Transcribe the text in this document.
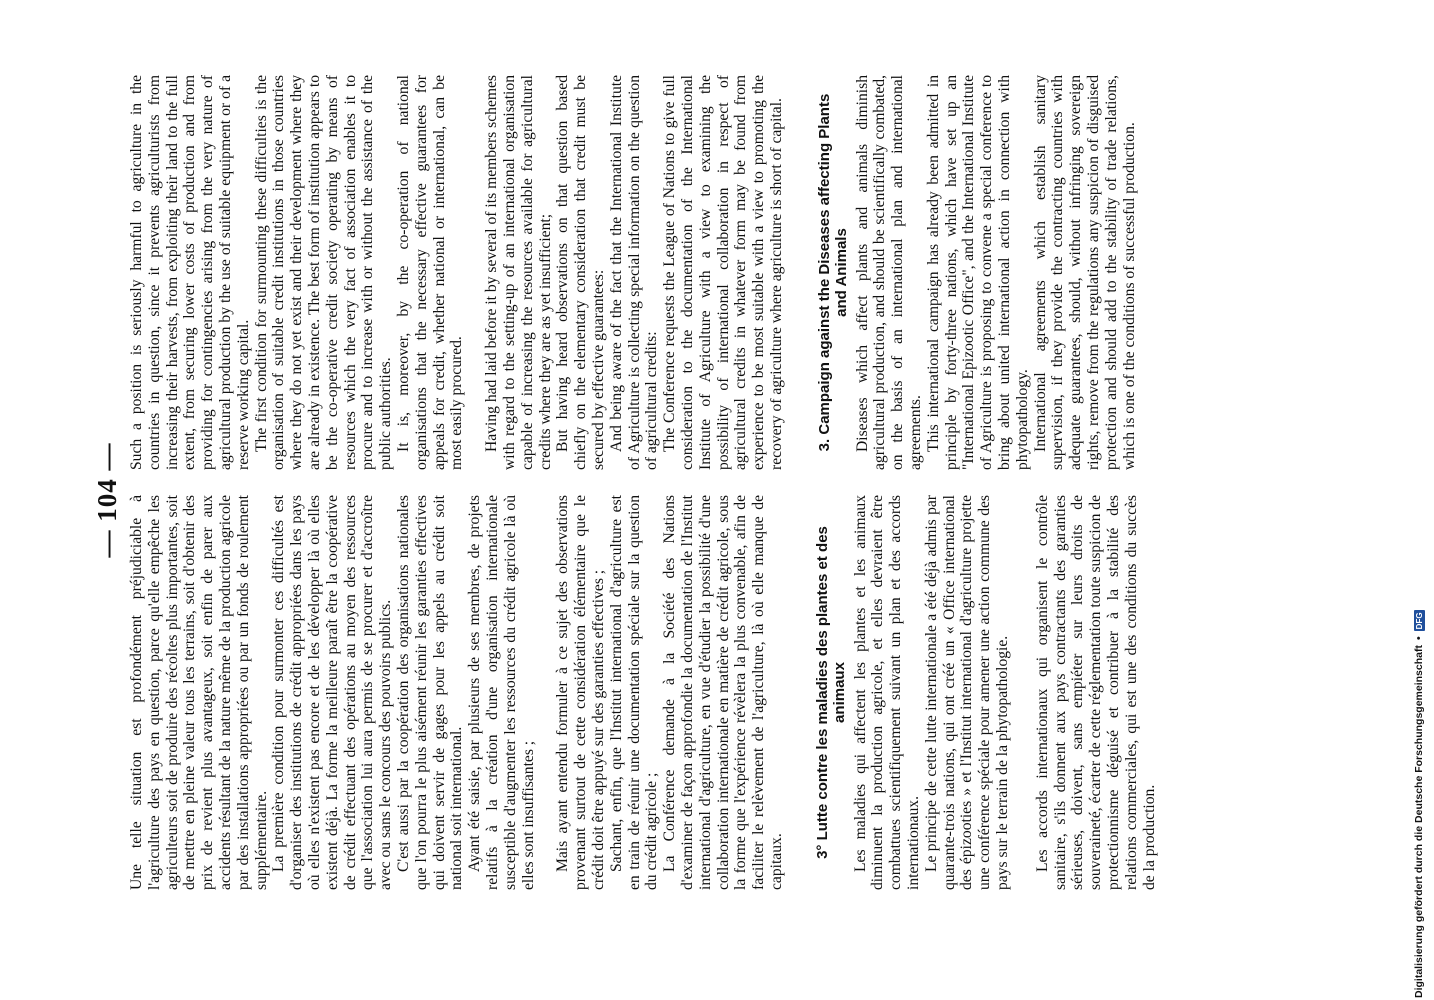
— 104 — Une telle situation est profondément préjudiciable à l'agriculture des pays en question, parce qu'elle empêche les agriculteurs soit de produire des récoltes plus importantes, soit de mettre en pleine valeur tous les terrains, soit d'obtenir des prix de revient plus avantageux, soit enfin de parer aux accidents résultant de la nature même de la production agricole par des installations appropriées ou par un fonds de roulement supplémentaire. La première condition pour surmonter ces difficultés est d'organiser des institutions de crédit appropriées dans les pays où elles n'existent pas encore et de les développer là où elles existent déjà. La forme la meilleure paraît être la coopérative de crédit effectuant des opérations au moyen des ressources que l'association lui aura permis de se procurer et d'accroître avec ou sans le concours des pouvoirs publics. C'est aussi par la coopération des organisations nationales que l'on pourra le plus aisément réunir les garanties effectives qui doivent servir de gages pour les appels au crédit soit national soit international. Ayant été saisie, par plusieurs de ses membres, de projets relatifs à la création d'une organisation internationale susceptible d'augmenter les ressources du crédit agricole là où elles sont insuffisantes ; Mais ayant entendu formuler à ce sujet des observations provenant surtout de cette considération élémentaire que le crédit doit être appuyé sur des garanties effectives ; Sachant, enfin, que l'Institut international d'agriculture est en train de réunir une documentation spéciale sur la question du crédit agricole ; La Conférence demande à la Société des Nations d'examiner de façon approfondie la documentation de l'Institut international d'agriculture, en vue d'étudier la possibilité d'une collaboration internationale en matière de crédit agricole, sous la forme que l'expérience révèlera la plus convenable, afin de faciliter le relèvement de l'agriculture, là où elle manque de capitaux.

3° Lutte contre les maladies des plantes et des animaux Les maladies qui affectent les plantes et les animaux diminuent la production agricole, et elles devraient être combattues scientifiquement suivant un plan et des accords internationaux. Le principe de cette lutte internationale a été déjà admis par quarante-trois nations, qui ont créé un « Office international des épizooties » et l'Institut international d'agriculture projette une conférence spéciale pour amener une action commune des pays sur le terrain de la phytopathologie. Les accords internationaux qui organisent le contrôle sanitaire, s'ils donnent aux pays contractants des garanties sérieuses, doivent, sans empiéter sur leurs droits de souveraineté, écarter de cette réglementation toute suspicion de protectionnisme déguisé et contribuer à la stabilité des relations commerciales, qui est une des conditions du succès de la production.

Such a position is seriously harmful to agriculture in the countries in question, since it prevents agriculturists from increasing their harvests, from exploiting their land to the full extent, from securing lower costs of production and from providing for contingencies arising from the very nature of agricultural production by the use of suitable equipment or of a reserve working capital. The first condition for surmounting these difficulties is the organisation of suitable credit institutions in those countries where they do not yet exist and their development where they are already in existence. The best form of institution appears to be the co-operative credit society operating by means of resources which the very fact of association enables it to procure and to increase with or without the assistance of the public authorities. It is, moreover, by the co-operation of national organisations that the necessary effective guarantees for appeals for credit, whether national or international, can be most easily procured. Having had laid before it by several of its members schemes with regard to the setting-up of an international organisation capable of increasing the resources available for agricultural credits where they are as yet insufficient; But having heard observations on that question based chiefly on the elementary consideration that credit must be secured by effective guarantees: And being aware of the fact that the International Institute of Agriculture is collecting special information on the question of agricultural credits: The Conference requests the League of Nations to give full consideration to the documentation of the International Institute of Agriculture with a view to examining the possibility of international collaboration in respect of agricultural credits in whatever form may be found from experience to be most suitable with a view to promoting the recovery of agriculture where agriculture is short of capital. 3. Campaign against the Diseases affecting Plants and Animals Diseases which affect plants and animals diminish agricultural production, and should be scientifically combated, on the basis of an international plan and international agreements. This international campaign has already been admitted in principle by forty-three nations, which have set up an "International Epizootic Office", and the International Institute of Agriculture is proposing to convene a special conference to bring about united international action in connection with phytopathology. International agreements which establish sanitary supervision, if they provide the contracting countries with adequate guarantees, should, without infringing sovereign rights, remove from the regulations any suspicion of disguised protection and should add to the stability of trade relations, which is one of the conditions of successful production.

Digitalisierung gefördert durch die Deutsche Forschungsgemeinschaft
•
DFG
